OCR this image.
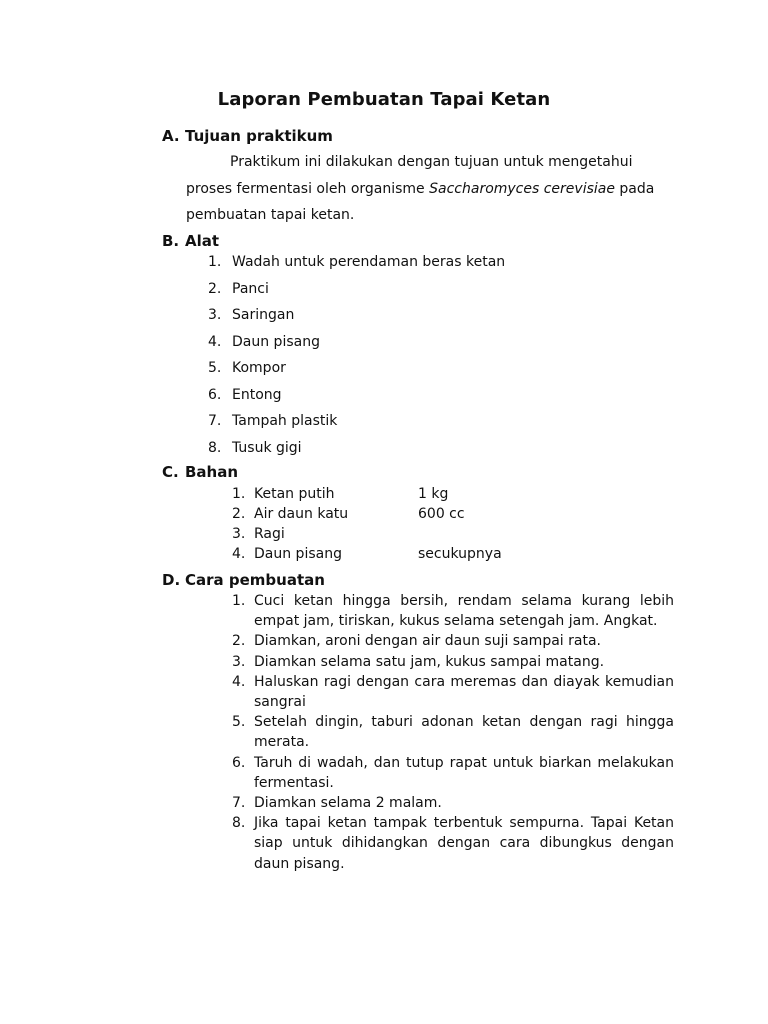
Laporan Pembuatan Tapai Ketan
A. Tujuan praktikum
Praktikum ini dilakukan dengan tujuan untuk mengetahui proses fermentasi oleh organisme Saccharomyces cerevisiae pada pembuatan tapai ketan.
B. Alat
1. Wadah untuk perendaman beras ketan
2. Panci
3. Saringan
4. Daun pisang
5. Kompor
6. Entong
7. Tampah plastik
8. Tusuk gigi
C. Bahan
1. Ketan putih	1 kg
2. Air daun katu	600 cc
3. Ragi
4. Daun pisang	secukupnya
D. Cara pembuatan
1. Cuci ketan hingga bersih, rendam selama kurang lebih empat jam, tiriskan, kukus selama setengah jam. Angkat.
2. Diamkan, aroni dengan air daun suji sampai rata.
3. Diamkan selama satu jam, kukus sampai matang.
4. Haluskan ragi dengan cara meremas dan diayak kemudian sangrai
5. Setelah dingin, taburi adonan ketan dengan ragi hingga merata.
6. Taruh di wadah, dan tutup rapat untuk biarkan melakukan fermentasi.
7. Diamkan selama 2 malam.
8. Jika tapai ketan tampak terbentuk sempurna. Tapai Ketan siap untuk dihidangkan dengan cara dibungkus dengan daun pisang.
